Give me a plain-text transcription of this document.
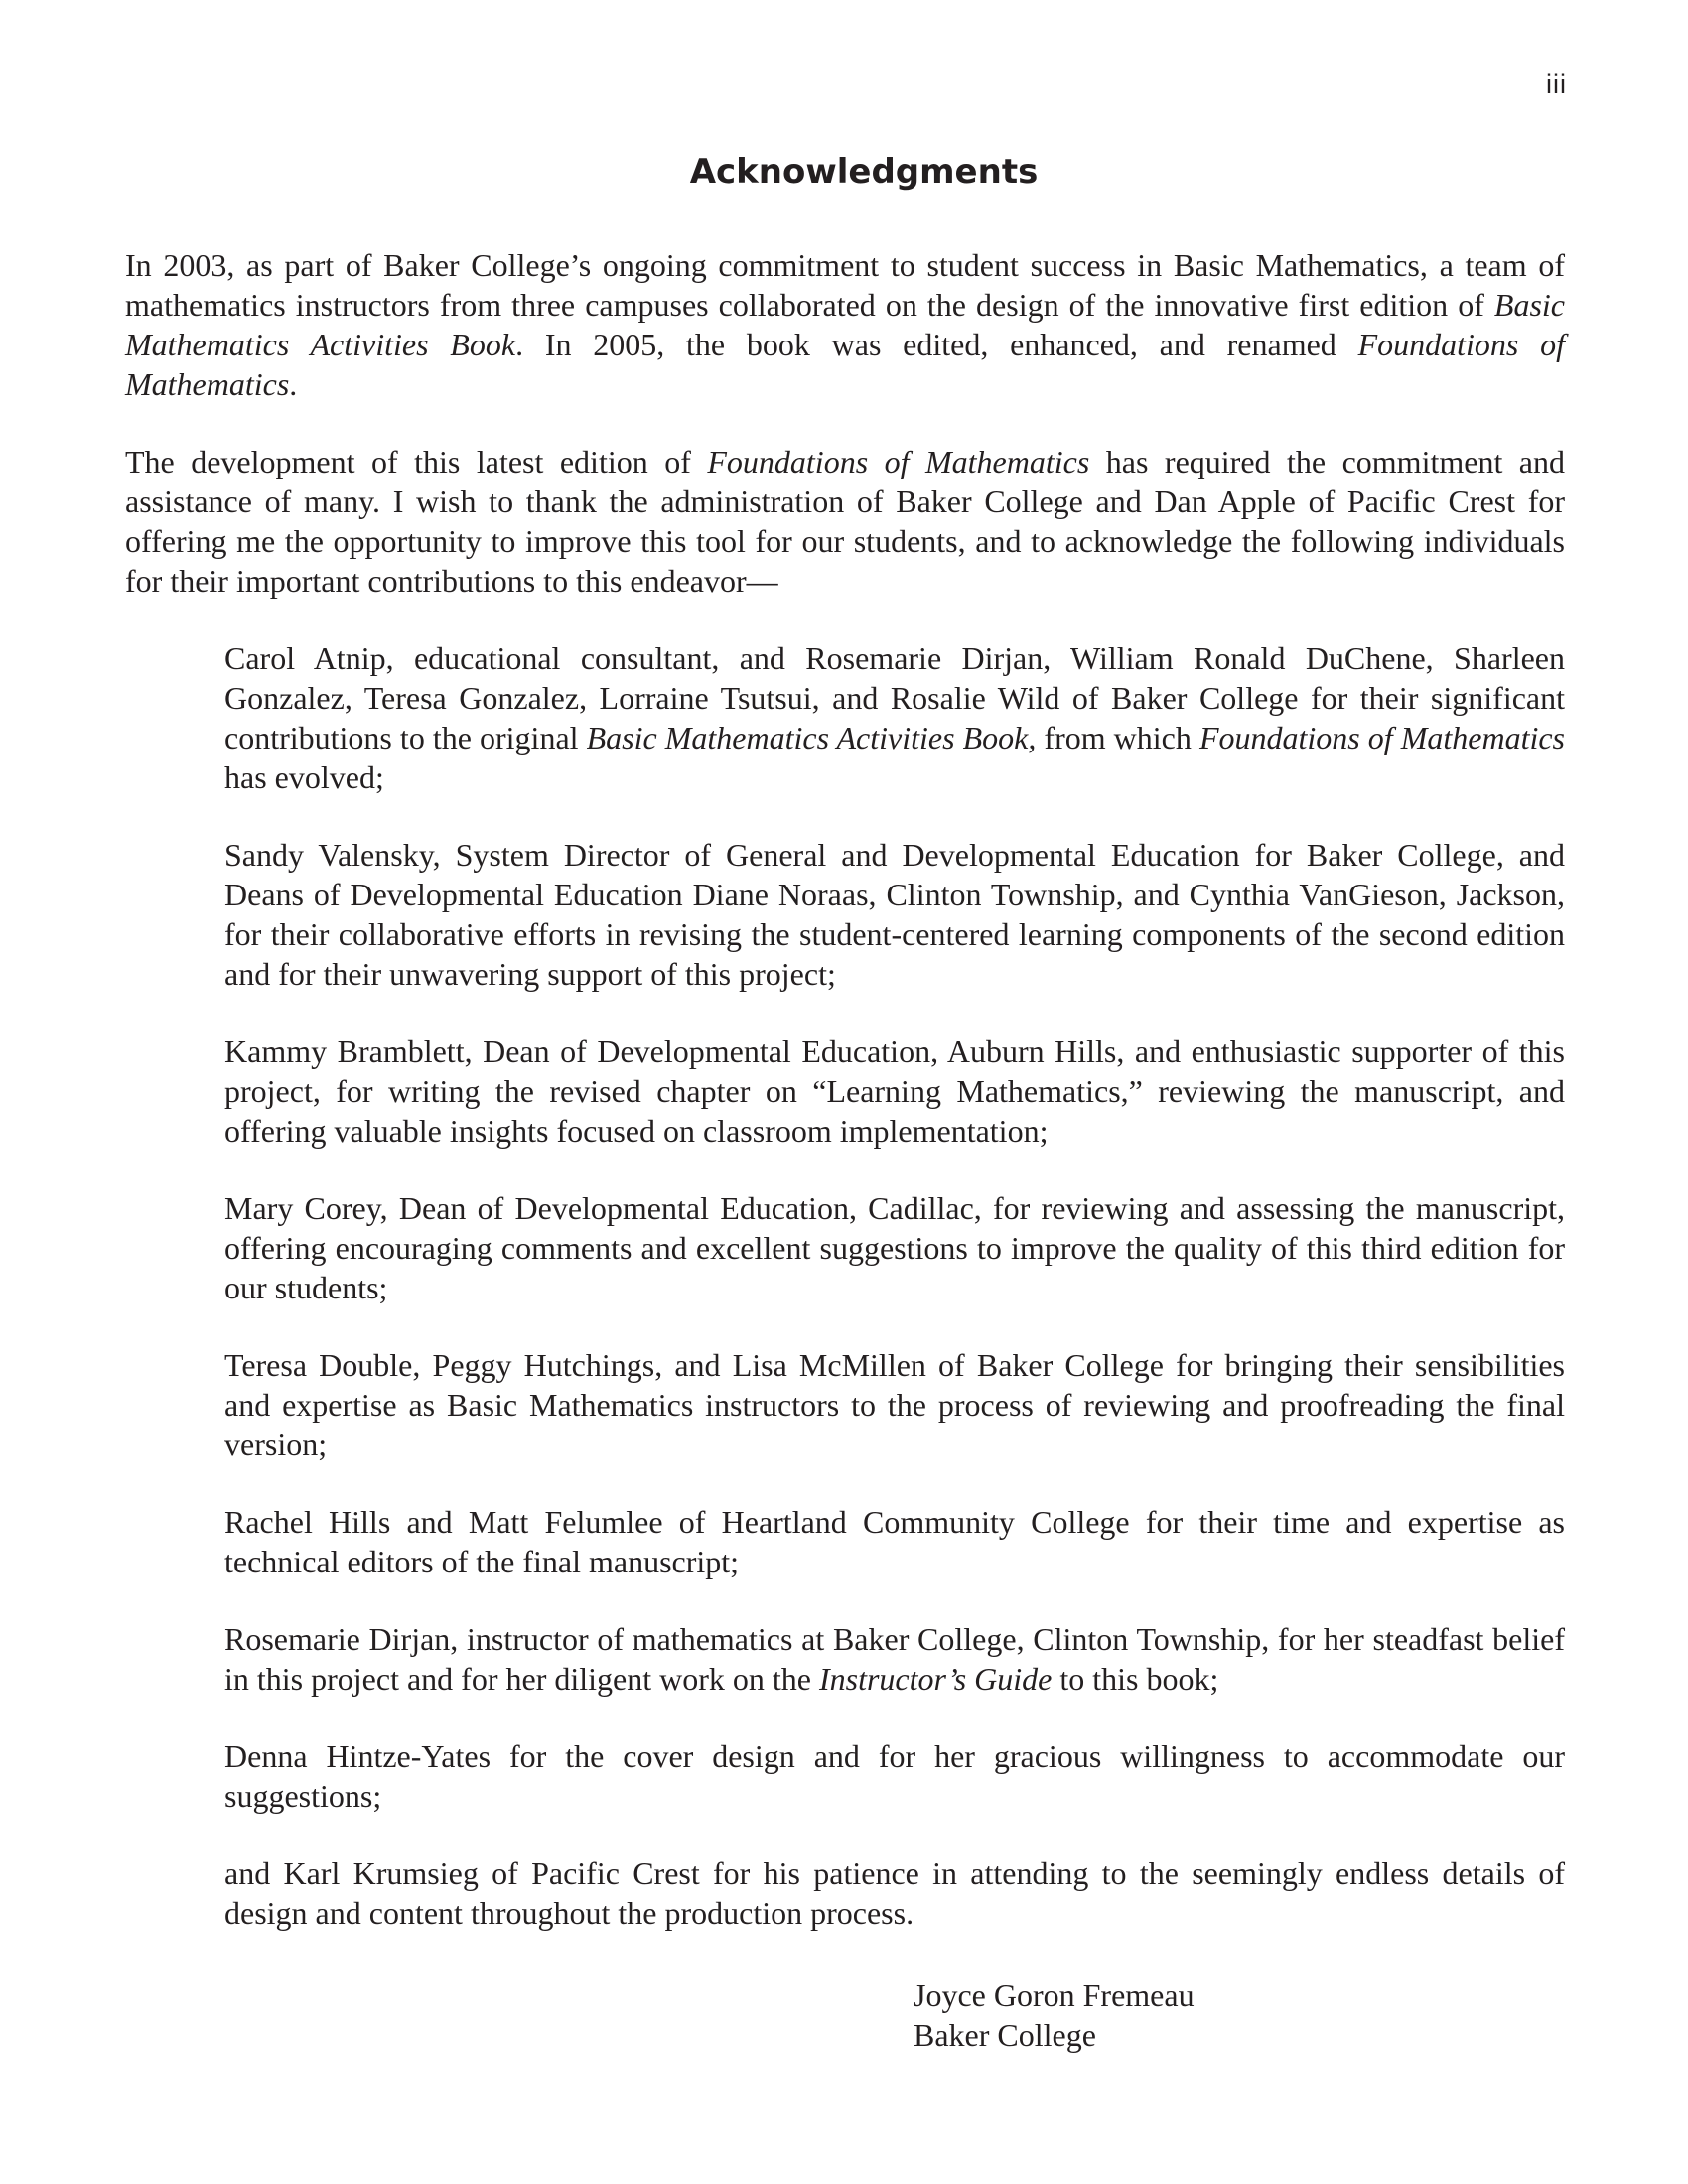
iii
Acknowledgments

In 2003, as part of Baker College’s ongoing commitment to student success in Basic Mathematics, a team of mathematics instructors from three campuses collaborated on the design of the innovative first edition of Basic Mathematics Activities Book. In 2005, the book was edited, enhanced, and renamed Foundations of Mathematics.

The development of this latest edition of Foundations of Mathematics has required the commitment and assistance of many. I wish to thank the administration of Baker College and Dan Apple of Pacific Crest for offering me the opportunity to improve this tool for our students, and to acknowledge the following individuals for their important contributions to this endeavor—

Carol Atnip, educational consultant, and Rosemarie Dirjan, William Ronald DuChene, Sharleen Gonzalez, Teresa Gonzalez, Lorraine Tsutsui, and Rosalie Wild of Baker College for their significant contributions to the original Basic Mathematics Activities Book, from which Foundations of Mathematics has evolved;

Sandy Valensky, System Director of General and Developmental Education for Baker College, and Deans of Developmental Education Diane Noraas, Clinton Township, and Cynthia VanGieson, Jackson, for their collaborative efforts in revising the student-centered learning components of the second edition and for their unwavering support of this project;

Kammy Bramblett, Dean of Developmental Education, Auburn Hills, and enthusiastic supporter of this project, for writing the revised chapter on “Learning Mathematics,” reviewing the manuscript, and offering valuable insights focused on classroom implementation;

Mary Corey, Dean of Developmental Education, Cadillac, for reviewing and assessing the manuscript, offering encouraging comments and excellent suggestions to improve the quality of this third edition for our students;

Teresa Double, Peggy Hutchings, and Lisa McMillen of Baker College for bringing their sensibilities and expertise as Basic Mathematics instructors to the process of reviewing and proofreading the final version;

Rachel Hills and Matt Felumlee of Heartland Community College for their time and expertise as technical editors of the final manuscript;

Rosemarie Dirjan, instructor of mathematics at Baker College, Clinton Township, for her steadfast belief in this project and for her diligent work on the Instructor’s Guide to this book;

Denna Hintze-Yates for the cover design and for her gracious willingness to accommodate our suggestions;

and Karl Krumsieg of Pacific Crest for his patience in attending to the seemingly endless details of design and content throughout the production process.

Joyce Goron Fremeau
Baker College
